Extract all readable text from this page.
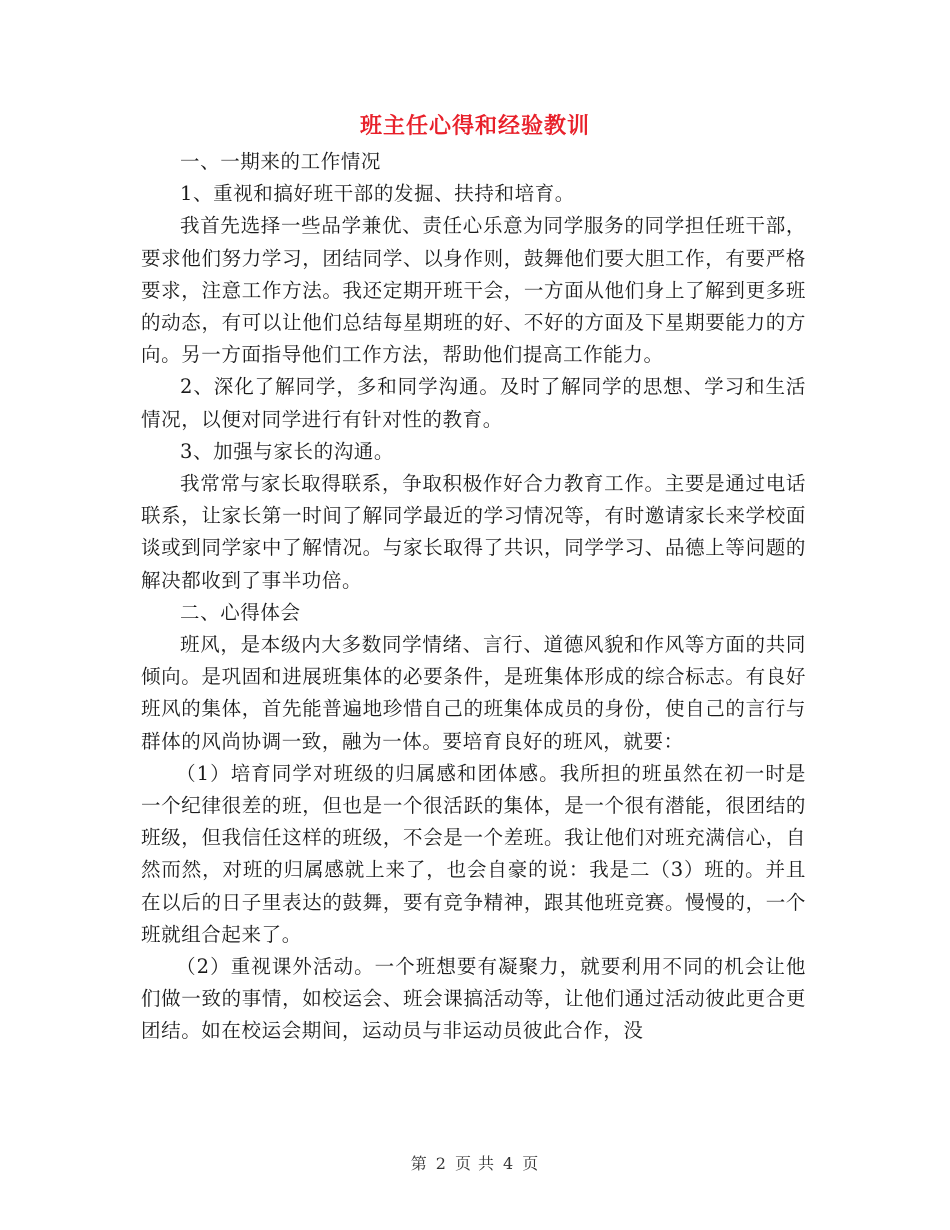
班主任心得和经验教训

一、一期来的工作情况

1、重视和搞好班干部的发掘、扶持和培育。

我首先选择一些品学兼优、责任心乐意为同学服务的同学担任班干部，要求他们努力学习，团结同学、以身作则，鼓舞他们要大胆工作，有要严格要求，注意工作方法。我还定期开班干会，一方面从他们身上了解到更多班的动态，有可以让他们总结每星期班的好、不好的方面及下星期要能力的方向。另一方面指导他们工作方法，帮助他们提高工作能力。

2、深化了解同学，多和同学沟通。及时了解同学的思想、学习和生活情况，以便对同学进行有针对性的教育。

3、加强与家长的沟通。

我常常与家长取得联系，争取积极作好合力教育工作。主要是通过电话联系，让家长第一时间了解同学最近的学习情况等，有时邀请家长来学校面谈或到同学家中了解情况。与家长取得了共识，同学学习、品德上等问题的解决都收到了事半功倍。

二、心得体会

班风，是本级内大多数同学情绪、言行、道德风貌和作风等方面的共同倾向。是巩固和进展班集体的必要条件，是班集体形成的综合标志。有良好班风的集体，首先能普遍地珍惜自己的班集体成员的身份，使自己的言行与群体的风尚协调一致，融为一体。要培育良好的班风，就要：

（1）培育同学对班级的归属感和团体感。我所担的班虽然在初一时是一个纪律很差的班，但也是一个很活跃的集体，是一个很有潜能，很团结的班级，但我信任这样的班级，不会是一个差班。我让他们对班充满信心，自然而然，对班的归属感就上来了，也会自豪的说：我是二（3）班的。并且在以后的日子里表达的鼓舞，要有竞争精神，跟其他班竞赛。慢慢的，一个班就组合起来了。

（2）重视课外活动。一个班想要有凝聚力，就要利用不同的机会让他们做一致的事情，如校运会、班会课搞活动等，让他们通过活动彼此更合更团结。如在校运会期间，运动员与非运动员彼此合作，没

第 2 页 共 4 页
